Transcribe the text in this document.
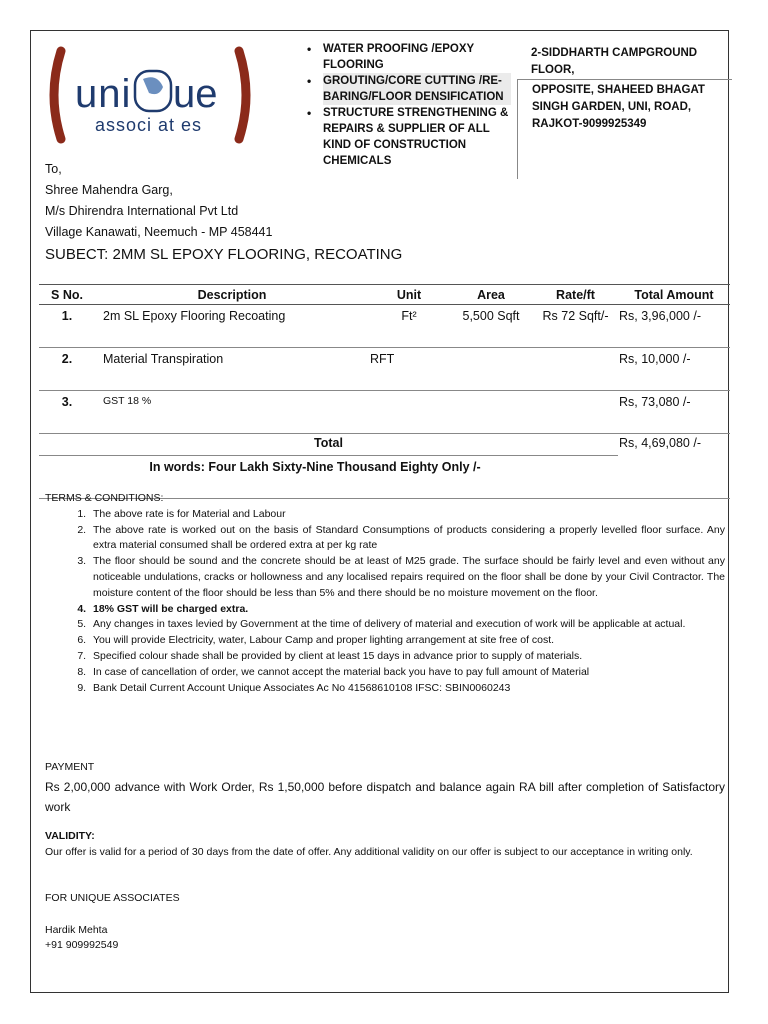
uni ue
associ at es
• WATER PROOFING /EPOXY FLOORING
• GROUTING/CORE CUTTING /RE-BARING/FLOOR DENSIFICATION
• STRUCTURE STRENGTHENING & REPAIRS & SUPPLIER OF ALL KIND OF CONSTRUCTION CHEMICALS
2-SIDDHARTH CAMPGROUND FLOOR,
OPPOSITE, SHAHEED BHAGAT SINGH GARDEN, UNI, ROAD, RAJKOT-9099925349
To,
Shree Mahendra Garg,
M/s Dhirendra International Pvt Ltd
Village Kanawati, Neemuch - MP 458441
SUBECT: 2MM SL EPOXY FLOORING, RECOATING
S No.	Description	Unit	Area	Rate/ft	Total Amount
1.	2m SL Epoxy Flooring Recoating	Ft²	5,500 Sqft	Rs 72 Sqft/-	Rs, 3,96,000 /-
2.	Material Transpiration	RFT			Rs, 10,000 /-
3.	GST 18 %				Rs, 73,080 /-
Total					Rs, 4,69,080 /-
In words: Four Lakh Sixty-Nine Thousand Eighty Only /-					
TERMS & CONDITIONS:
1. The above rate is for Material and Labour
2. The above rate is worked out on the basis of Standard Consumptions of products considering a properly levelled floor surface. Any extra material consumed shall be ordered extra at per kg rate
3. The floor should be sound and the concrete should be at least of M25 grade. The surface should be fairly level and even without any noticeable undulations, cracks or hollowness and any localised repairs required on the floor shall be done by your Civil Contractor. The moisture content of the floor should be less than 5% and there should be no moisture movement on the floor.
4. 18% GST will be charged extra.
5. Any changes in taxes levied by Government at the time of delivery of material and execution of work will be applicable at actual.
6. You will provide Electricity, water, Labour Camp and proper lighting arrangement at site free of cost.
7. Specified colour shade shall be provided by client at least 15 days in advance prior to supply of materials.
8. In case of cancellation of order, we cannot accept the material back you have to pay full amount of Material
9. Bank Detail Current Account Unique Associates Ac No 41568610108 IFSC: SBIN0060243
PAYMENT
Rs 2,00,000 advance with Work Order, Rs 1,50,000 before dispatch and balance again RA bill after completion of Satisfactory work
VALIDITY:
Our offer is valid for a period of 30 days from the date of offer. Any additional validity on our offer is subject to our acceptance in writing only.
FOR UNIQUE ASSOCIATES
Hardik Mehta
+91 909992549
